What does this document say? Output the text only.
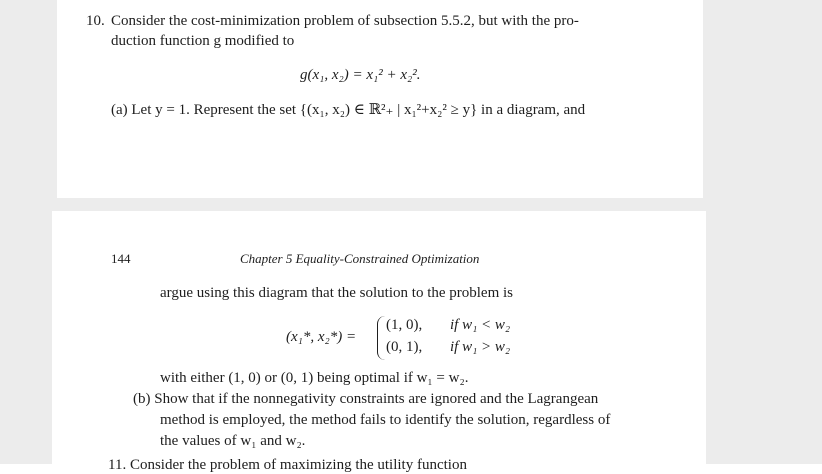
10. Consider the cost-minimization problem of subsection 5.5.2, but with the pro-
duction function g modified to
g(x₁, x₂) = x₁² + x₂².
(a) Let y = 1. Represent the set {(x₁, x₂) ∈ ℝ²₊ | x₁²+x₂² ≥ y} in a diagram, and
144	Chapter 5 Equality-Constrained Optimization
argue using this diagram that the solution to the problem is
(x₁*, x₂*) =
(1, 0), if w₁ < w₂
(0, 1), if w₁ > w₂
with either (1, 0) or (0, 1) being optimal if w₁ = w₂.
(b) Show that if the nonnegativity constraints are ignored and the Lagrangean
method is employed, the method fails to identify the solution, regardless of
the values of w₁ and w₂.
11. Consider the problem of maximizing the utility function
